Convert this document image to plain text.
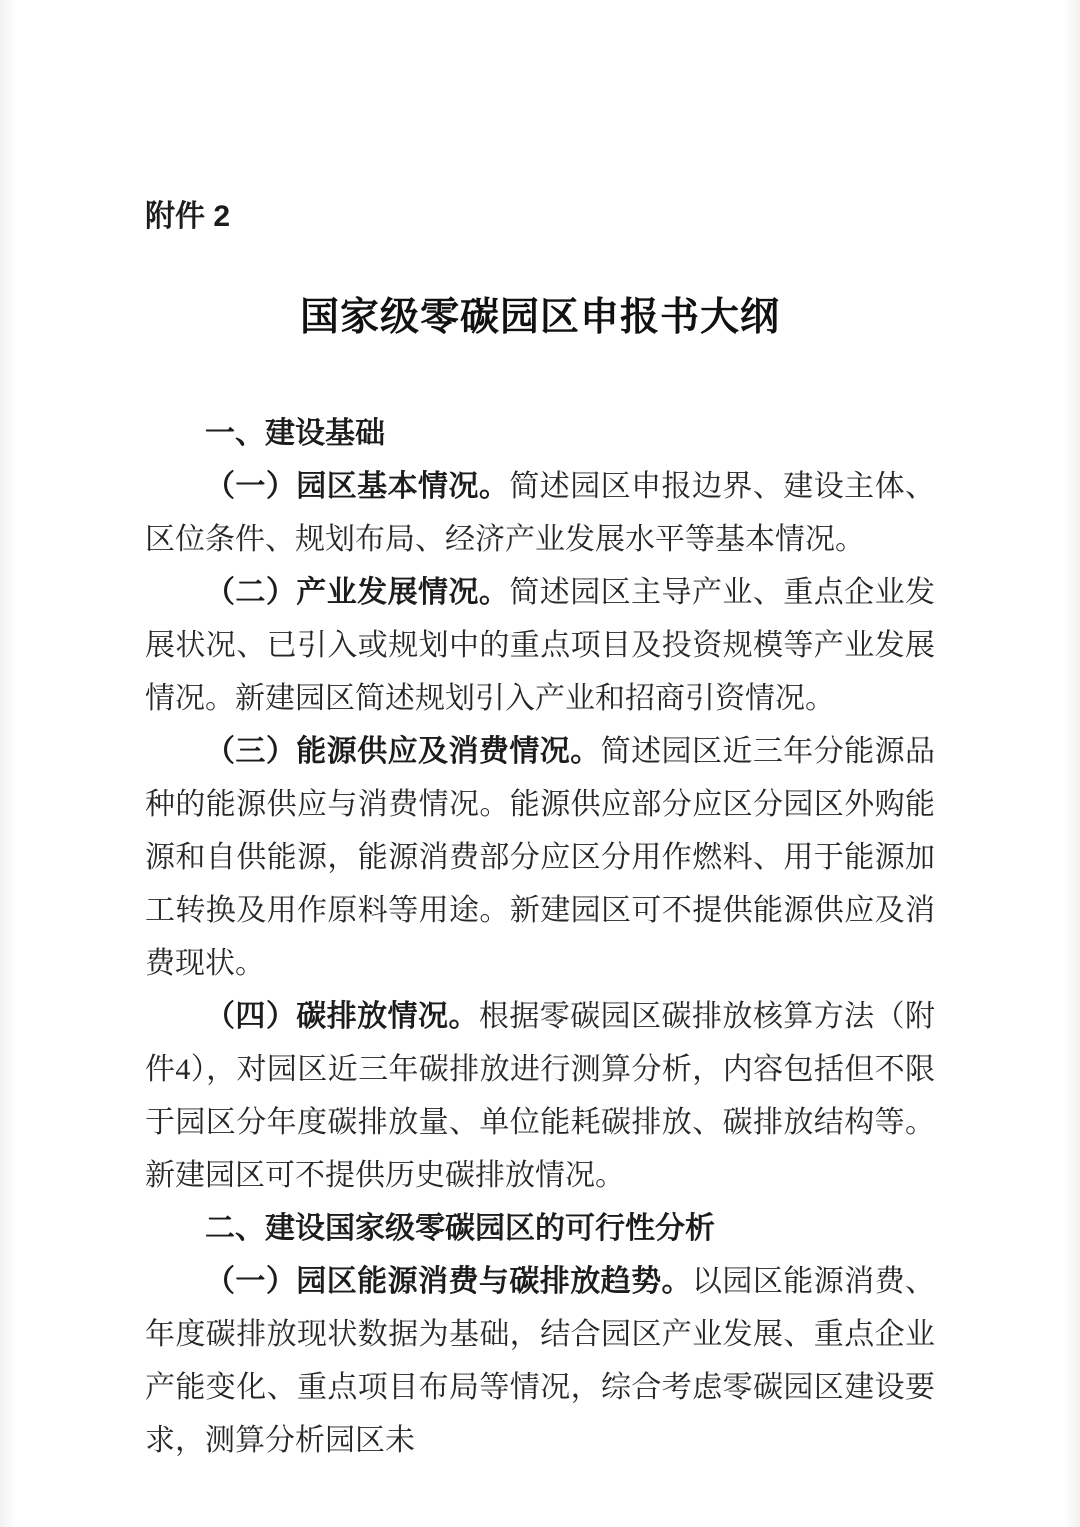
附件 2

国家级零碳园区申报书大纲
一、建设基础

（一）园区基本情况。简述园区申报边界、建设主体、区位条件、规划布局、经济产业发展水平等基本情况。

（二）产业发展情况。简述园区主导产业、重点企业发展状况、已引入或规划中的重点项目及投资规模等产业发展情况。新建园区简述规划引入产业和招商引资情况。

（三）能源供应及消费情况。简述园区近三年分能源品种的能源供应与消费情况。能源供应部分应区分园区外购能源和自供能源，能源消费部分应区分用作燃料、用于能源加工转换及用作原料等用途。新建园区可不提供能源供应及消费现状。

（四）碳排放情况。根据零碳园区碳排放核算方法（附件4），对园区近三年碳排放进行测算分析，内容包括但不限于园区分年度碳排放量、单位能耗碳排放、碳排放结构等。新建园区可不提供历史碳排放情况。

二、建设国家级零碳园区的可行性分析

（一）园区能源消费与碳排放趋势。以园区能源消费、年度碳排放现状数据为基础，结合园区产业发展、重点企业产能变化、重点项目布局等情况，综合考虑零碳园区建设要求，测算分析园区未
